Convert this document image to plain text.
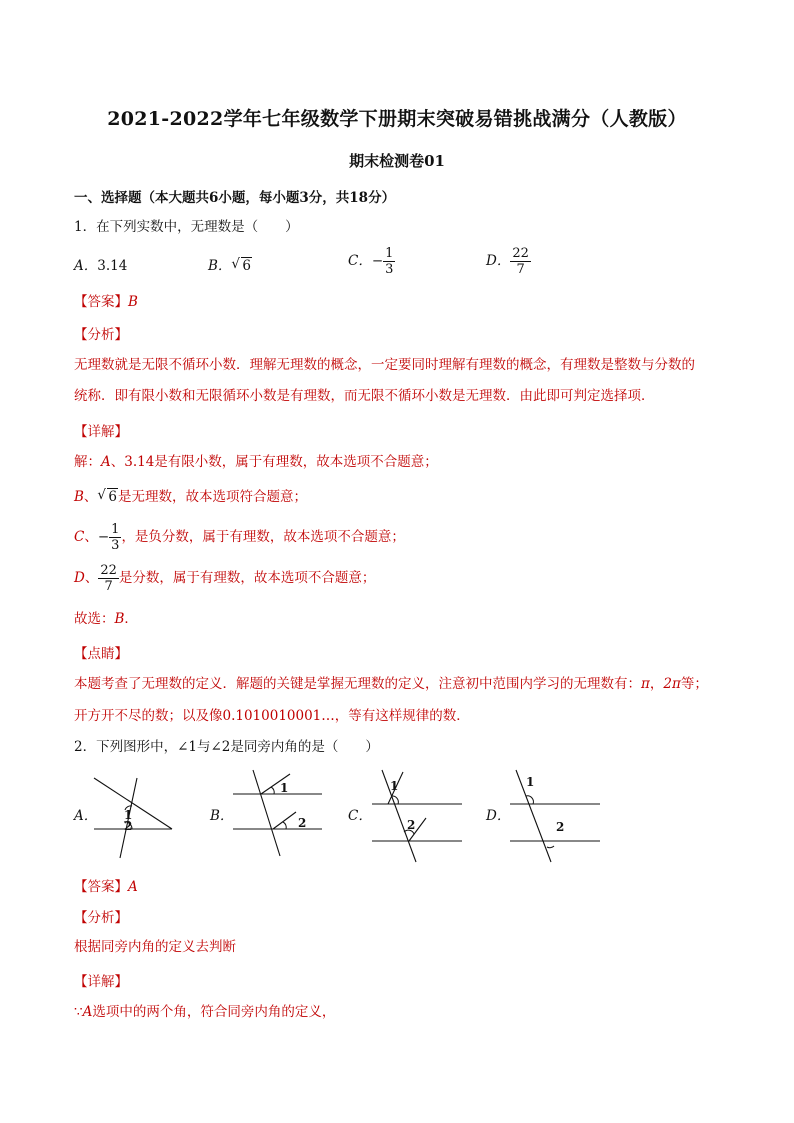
2021-2022学年七年级数学下册期末突破易错挑战满分（人教版）
期末检测卷01
一、选择题（本大题共6小题，每小题3分，共18分）
1．在下列实数中，无理数是（　　）
A．3.14	B． √ 6	C．− $\frac{1}{3}$	D． $\frac{22}{7}$
【答案】B
【分析】
无理数就是无限不循环小数．理解无理数的概念，一定要同时理解有理数的概念，有理数是整数与分数的
统称．即有限小数和无限循环小数是有理数，而无限不循环小数是无理数．由此即可判定选择项．
【详解】
解：A、3.14是有限小数，属于有理数，故本选项不合题意；
B、 √ 6是无理数，故本选项符合题意；
C、− $\frac{1}{3}$ ，是负分数，属于有理数，故本选项不合题意；
D、 $\frac{22}{7}$ 是分数，属于有理数，故本选项不合题意；
故选：B．
【点睛】
本题考查了无理数的定义．解题的关键是掌握无理数的定义，注意初中范围内学习的无理数有：π，2π等；
开方开不尽的数；以及像0.1010010001…，等有这样规律的数．
2．下列图形中，∠1与∠2是同旁内角的是（　　）
A． 1
2
B．
1
2	C．
1
2
D．
1
2
【答案】A
【分析】
根据同旁内角的定义去判断
【详解】
∵A选项中的两个角，符合同旁内角的定义，
